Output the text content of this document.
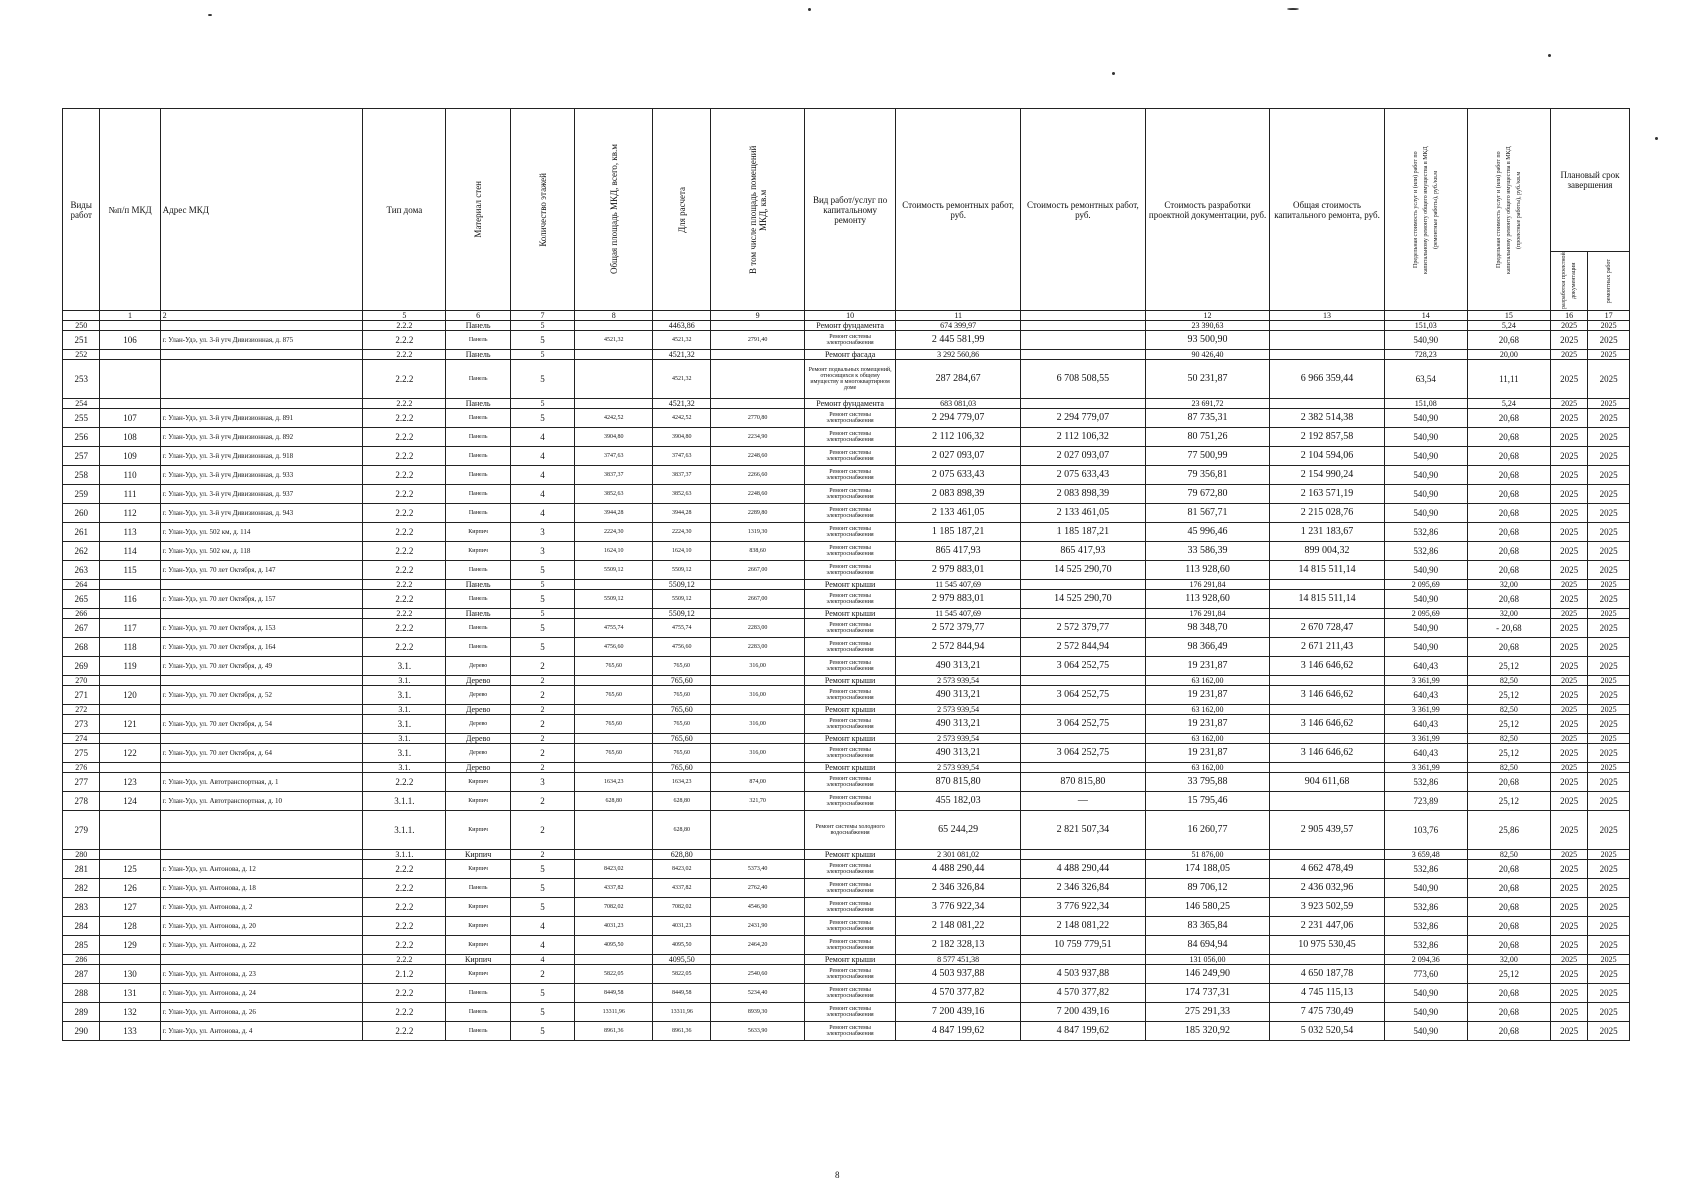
Виды работ	№п/п МКД	Адрес МКД	Тип дома	Материал стен	Количество этажей	Общая площадь МКД, всего, кв.м	Для расчета	В том числе площадь помещений МКД, кв.м	Вид работ/услуг по капитальному ремонту	Стоимость ремонтных работ, руб.	Стоимость ремонтных работ, руб.	Стоимость разработки проектной документации, руб.	Общая стоимость капитального ремонта, руб.	Предельная стоимость услуг и (или) работ по капитальному ремонту общего имущества в МКД (ремонтные работы), руб./кв.м	Предельная стоимость услуг и (или) работ по капитальному ремонту общего имущества в МКД (проектные работы), руб./кв.м	Плановый срок завершения	

																разработки проектной документации	ремонтных работ

	1	2	5	6	7	8		9	10	11		12	13	14	15	16	17
250			2.2.2	Панель	5		4463,86		Ремонт фундамента	674 399,97		23 390,63		151,03	5,24	2025	2025
251	106	г. Улан-Удэ, ул. 3-й утч Дивизионная, д. 875	2.2.2	Панель	5	4521,32	4521,32	2791,40	Ремонт системы электроснабжения	2 445 581,99		93 500,90		540,90	20,68	2025	2025
252			2.2.2	Панель	5		4521,32		Ремонт фасада	3 292 560,86		90 426,40		728,23	20,00	2025	2025
253			2.2.2	Панель	5		4521,32		Ремонт подвальных помещений, относящихся к общему имуществу в многоквартирном доме	287 284,67	6 708 508,55	50 231,87	6 966 359,44	63,54	11,11	2025	2025
254			2.2.2	Панель	5		4521,32		Ремонт фундамента	683 081,03		23 691,72		151,08	5,24	2025	2025
255	107	г. Улан-Удэ, ул. 3-й утч Дивизионная, д. 891	2.2.2	Панель	5	4242,52	4242,52	2770,80	Ремонт системы электроснабжения	2 294 779,07	2 294 779,07	87 735,31	2 382 514,38	540,90	20,68	2025	2025
256	108	г. Улан-Удэ, ул. 3-й утч Дивизионная, д. 892	2.2.2	Панель	4	3904,80	3904,80	2234,90	Ремонт системы электроснабжения	2 112 106,32	2 112 106,32	80 751,26	2 192 857,58	540,90	20,68	2025	2025
257	109	г. Улан-Удэ, ул. 3-й утч Дивизионная, д. 918	2.2.2	Панель	4	3747,63	3747,63	2248,60	Ремонт системы электроснабжения	2 027 093,07	2 027 093,07	77 500,99	2 104 594,06	540,90	20,68	2025	2025
258	110	г. Улан-Удэ, ул. 3-й утч Дивизионная, д. 933	2.2.2	Панель	4	3837,37	3837,37	2266,60	Ремонт системы электроснабжения	2 075 633,43	2 075 633,43	79 356,81	2 154 990,24	540,90	20,68	2025	2025
259	111	г. Улан-Удэ, ул. 3-й утч Дивизионная, д. 937	2.2.2	Панель	4	3852,63	3852,63	2248,60	Ремонт системы электроснабжения	2 083 898,39	2 083 898,39	79 672,80	2 163 571,19	540,90	20,68	2025	2025
260	112	г. Улан-Удэ, ул. 3-й утч Дивизионная, д. 943	2.2.2	Панель	4	3944,28	3944,28	2289,80	Ремонт системы электроснабжения	2 133 461,05	2 133 461,05	81 567,71	2 215 028,76	540,90	20,68	2025	2025
261	113	г. Улан-Удэ, ул. 502 км, д. 114	2.2.2	Кирпич	3	2224,30	2224,30	1319,30	Ремонт системы электроснабжения	1 185 187,21	1 185 187,21	45 996,46	1 231 183,67	532,86	20,68	2025	2025
262	114	г. Улан-Удэ, ул. 502 км, д. 118	2.2.2	Кирпич	3	1624,10	1624,10	838,60	Ремонт системы электроснабжения	865 417,93	865 417,93	33 586,39	899 004,32	532,86	20,68	2025	2025
263	115	г. Улан-Удэ, ул. 70 лет Октября, д. 147	2.2.2	Панель	5	5509,12	5509,12	2667,00	Ремонт системы электроснабжения	2 979 883,01	14 525 290,70	113 928,60	14 815 511,14	540,90	20,68	2025	2025
264			2.2.2	Панель	5		5509,12		Ремонт крыши	11 545 407,69		176 291,84		2 095,69	32,00	2025	2025
265	116	г. Улан-Удэ, ул. 70 лет Октября, д. 157	2.2.2	Панель	5	5509,12	5509,12	2667,00	Ремонт системы электроснабжения	2 979 883,01	14 525 290,70	113 928,60	14 815 511,14	540,90	20,68	2025	2025
266			2.2.2	Панель	5		5509,12		Ремонт крыши	11 545 407,69		176 291,84		2 095,69	32,00	2025	2025
267	117	г. Улан-Удэ, ул. 70 лет Октября, д. 153	2.2.2	Панель	5	4755,74	4755,74	2283,00	Ремонт системы электроснабжения	2 572 379,77	2 572 379,77	98 348,70	2 670 728,47	540,90	- 20,68	2025	2025
268	118	г. Улан-Удэ, ул. 70 лет Октября, д. 164	2.2.2	Панель	5	4756,60	4756,60	2283,00	Ремонт системы электроснабжения	2 572 844,94	2 572 844,94	98 366,49	2 671 211,43	540,90	20,68	2025	2025
269	119	г. Улан-Удэ, ул. 70 лет Октября, д. 49	3.1.	Дерево	2	765,60	765,60	316,00	Ремонт системы электроснабжения	490 313,21	3 064 252,75	19 231,87	3 146 646,62	640,43	25,12	2025	2025
270			3.1.	Дерево	2		765,60		Ремонт крыши	2 573 939,54		63 162,00		3 361,99	82,50	2025	2025
271	120	г. Улан-Удэ, ул. 70 лет Октября, д. 52	3.1.	Дерево	2	765,60	765,60	316,00	Ремонт системы электроснабжения	490 313,21	3 064 252,75	19 231,87	3 146 646,62	640,43	25,12	2025	2025
272			3.1.	Дерево	2		765,60		Ремонт крыши	2 573 939,54		63 162,00		3 361,99	82,50	2025	2025
273	121	г. Улан-Удэ, ул. 70 лет Октября, д. 54	3.1.	Дерево	2	765,60	765,60	316,00	Ремонт системы электроснабжения	490 313,21	3 064 252,75	19 231,87	3 146 646,62	640,43	25,12	2025	2025
274			3.1.	Дерево	2		765,60		Ремонт крыши	2 573 939,54		63 162,00		3 361,99	82,50	2025	2025
275	122	г. Улан-Удэ, ул. 70 лет Октября, д. 64	3.1.	Дерево	2	765,60	765,60	316,00	Ремонт системы электроснабжения	490 313,21	3 064 252,75	19 231,87	3 146 646,62	640,43	25,12	2025	2025
276			3.1.	Дерево	2		765,60		Ремонт крыши	2 573 939,54		63 162,00		3 361,99	82,50	2025	2025
277	123	г. Улан-Удэ, ул. Автотранспортная, д. 1	2.2.2	Кирпич	3	1634,23	1634,23	874,00	Ремонт системы электроснабжения	870 815,80	870 815,80	33 795,88	904 611,68	532,86	20,68	2025	2025
278	124	г. Улан-Удэ, ул. Автотранспортная, д. 10	3.1.1.	Кирпич	2	628,80	628,80	321,70	Ремонт системы электроснабжения	455 182,03	—	15 795,46		723,89	25,12	2025	2025
279			3.1.1.	Кирпич	2		628,80		Ремонт системы холодного водоснабжения	65 244,29	2 821 507,34	16 260,77	2 905 439,57	103,76	25,86	2025	2025
280			3.1.1.	Кирпич	2		628,80		Ремонт крыши	2 301 081,02		51 876,00		3 659,48	82,50	2025	2025
281	125	г. Улан-Удэ, ул. Антонова, д. 12	2.2.2	Кирпич	5	8423,02	8423,02	5373,40	Ремонт системы электроснабжения	4 488 290,44	4 488 290,44	174 188,05	4 662 478,49	532,86	20,68	2025	2025
282	126	г. Улан-Удэ, ул. Антонова, д. 18	2.2.2	Панель	5	4337,82	4337,82	2762,40	Ремонт системы электроснабжения	2 346 326,84	2 346 326,84	89 706,12	2 436 032,96	540,90	20,68	2025	2025
283	127	г. Улан-Удэ, ул. Антонова, д. 2	2.2.2	Кирпич	5	7082,02	7082,02	4546,90	Ремонт системы электроснабжения	3 776 922,34	3 776 922,34	146 580,25	3 923 502,59	532,86	20,68	2025	2025
284	128	г. Улан-Удэ, ул. Антонова, д. 20	2.2.2	Кирпич	4	4031,23	4031,23	2431,90	Ремонт системы электроснабжения	2 148 081,22	2 148 081,22	83 365,84	2 231 447,06	532,86	20,68	2025	2025
285	129	г. Улан-Удэ, ул. Антонова, д. 22	2.2.2	Кирпич	4	4095,50	4095,50	2464,20	Ремонт системы электроснабжения	2 182 328,13	10 759 779,51	84 694,94	10 975 530,45	532,86	20,68	2025	2025
286			2.2.2	Кирпич	4		4095,50		Ремонт крыши	8 577 451,38		131 056,00		2 094,36	32,00	2025	2025
287	130	г. Улан-Удэ, ул. Антонова, д. 23	2.1.2	Кирпич	2	5822,05	5822,05	2540,60	Ремонт системы электроснабжения	4 503 937,88	4 503 937,88	146 249,90	4 650 187,78	773,60	25,12	2025	2025
288	131	г. Улан-Удэ, ул. Антонова, д. 24	2.2.2	Панель	5	8449,58	8449,58	5234,40	Ремонт системы электроснабжения	4 570 377,82	4 570 377,82	174 737,31	4 745 115,13	540,90	20,68	2025	2025
289	132	г. Улан-Удэ, ул. Антонова, д. 26	2.2.2	Панель	5	13311,96	13311,96	8939,30	Ремонт системы электроснабжения	7 200 439,16	7 200 439,16	275 291,33	7 475 730,49	540,90	20,68	2025	2025
290	133	г. Улан-Удэ, ул. Антонова, д. 4	2.2.2	Панель	5	8961,36	8961,36	5633,90	Ремонт системы электроснабжения	4 847 199,62	4 847 199,62	185 320,92	5 032 520,54	540,90	20,68	2025	2025
8
